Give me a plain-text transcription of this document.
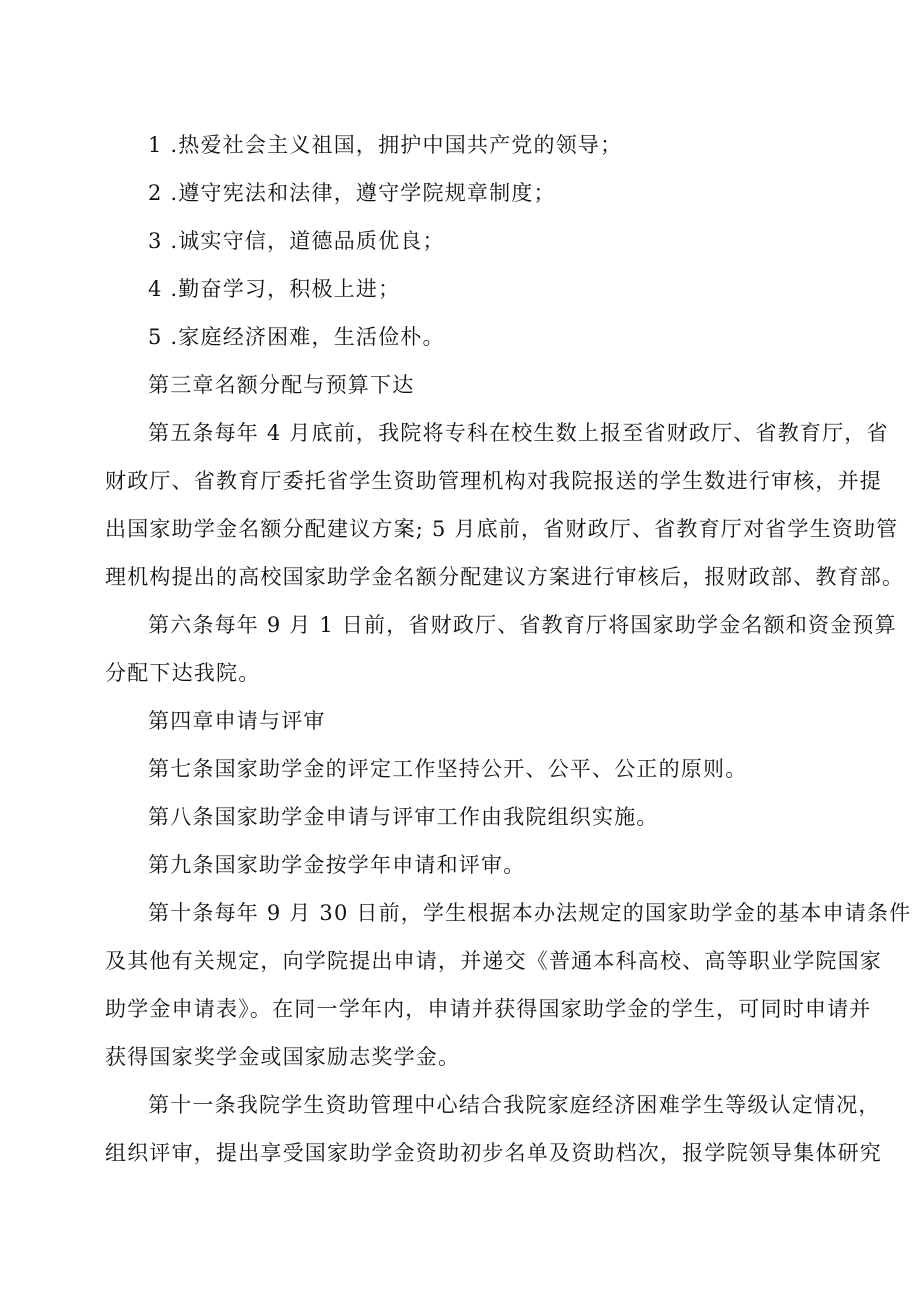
1 .热爱社会主义祖国，拥护中国共产党的领导；
2 .遵守宪法和法律，遵守学院规章制度；
3 .诚实守信，道德品质优良；
4 .勤奋学习，积极上进；
5 .家庭经济困难，生活俭朴。
第三章名额分配与预算下达
第五条每年 4 月底前，我院将专科在校生数上报至省财政厅、省教育厅，省
财政厅、省教育厅委托省学生资助管理机构对我院报送的学生数进行审核，并提
出国家助学金名额分配建议方案; 5 月底前，省财政厅、省教育厅对省学生资助管
理机构提出的高校国家助学金名额分配建议方案进行审核后，报财政部、教育部。
第六条每年 9 月 1 日前，省财政厅、省教育厅将国家助学金名额和资金预算
分配下达我院。
第四章申请与评审
第七条国家助学金的评定工作坚持公开、公平、公正的原则。
第八条国家助学金申请与评审工作由我院组织实施。
第九条国家助学金按学年申请和评审。
第十条每年 9 月 30 日前，学生根据本办法规定的国家助学金的基本申请条件
及其他有关规定，向学院提出申请，并递交《普通本科高校、高等职业学院国家
助学金申请表》。在同一学年内，申请并获得国家助学金的学生，可同时申请并
获得国家奖学金或国家励志奖学金。
第十一条我院学生资助管理中心结合我院家庭经济困难学生等级认定情况，
组织评审，提出享受国家助学金资助初步名单及资助档次，报学院领导集体研究
